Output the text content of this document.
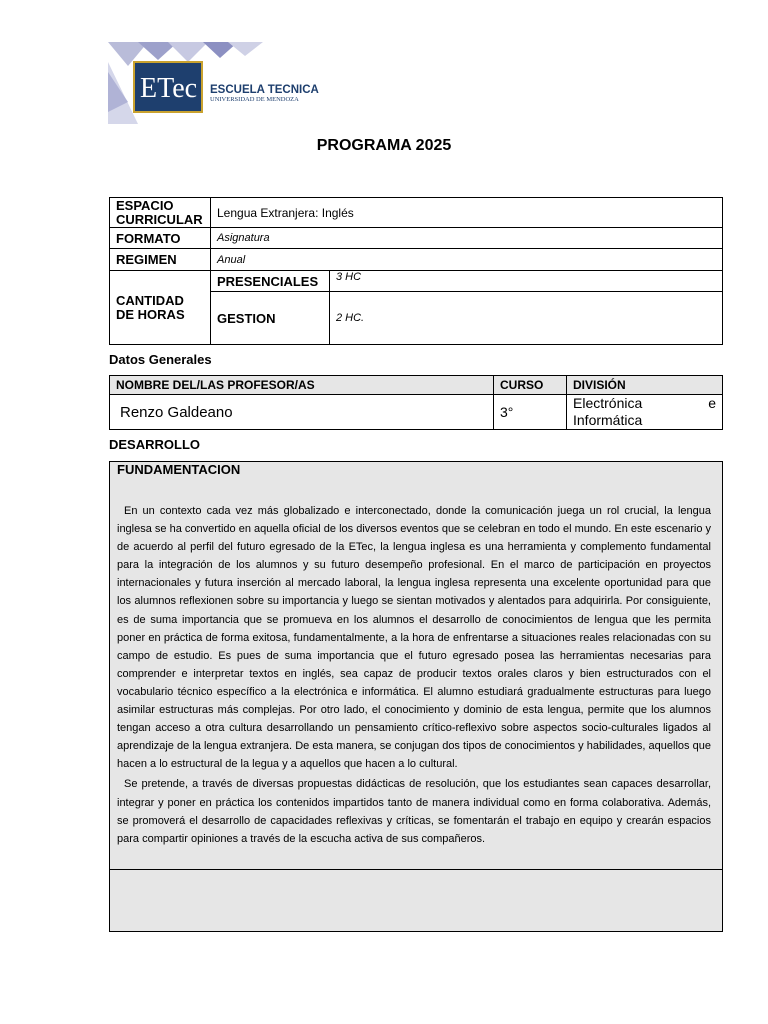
ETec ESCUELA TECNICA
UNIVERSIDAD DE MENDOZA
PROGRAMA 2025
ESPACIO CURRICULAR	Lengua Extranjera: Inglés	
FORMATO	Asignatura	
REGIMEN	Anual	
CANTIDAD DE HORAS	PRESENCIALES	3 HC
	GESTION	2 HC.
Datos Generales
NOMBRE DEL/LAS PROFESOR/AS	CURSO	DIVISIÓN
Renzo Galdeano	3°	Electrónica e
Informática
DESARROLLO
FUNDAMENTACION

En un contexto cada vez más globalizado e interconectado, donde la comunicación juega un rol crucial, la lengua inglesa se ha convertido en aquella oficial de los diversos eventos que se celebran en todo el mundo. En este escenario y de acuerdo al perfil del futuro egresado de la ETec, la lengua inglesa es una herramienta y complemento fundamental para la integración de los alumnos y su futuro desempeño profesional. En el marco de participación en proyectos internacionales y futura inserción al mercado laboral, la lengua inglesa representa una excelente oportunidad para que los alumnos reflexionen sobre su importancia y luego se sientan motivados y alentados para adquirirla. Por consiguiente, es de suma importancia que se promueva en los alumnos el desarrollo de conocimientos de lengua que les permita poner en práctica de forma exitosa, fundamentalmente, a la hora de enfrentarse a situaciones reales relacionadas con su campo de estudio. Es pues de suma importancia que el futuro egresado posea las herramientas necesarias para comprender e interpretar textos en inglés, sea capaz de producir textos orales claros y bien estructurados con el vocabulario técnico específico a la electrónica e informática. El alumno estudiará gradualmente estructuras para luego asimilar estructuras más complejas. Por otro lado, el conocimiento y dominio de esta lengua, permite que los alumnos tengan acceso a otra cultura desarrollando un pensamiento crítico-reflexivo sobre aspectos socio-culturales ligados al aprendizaje de la lengua extranjera. De esta manera, se conjugan dos tipos de conocimientos y habilidades, aquellos que hacen a lo estructural de la legua y a aquellos que hacen a lo cultural.

Se pretende, a través de diversas propuestas didácticas de resolución, que los estudiantes sean capaces desarrollar, integrar y poner en práctica los contenidos impartidos tanto de manera individual como en forma colaborativa. Además, se promoverá el desarrollo de capacidades reflexivas y críticas, se fomentarán el trabajo en equipo y crearán espacios para compartir opiniones a través de la escucha activa de sus compañeros.
